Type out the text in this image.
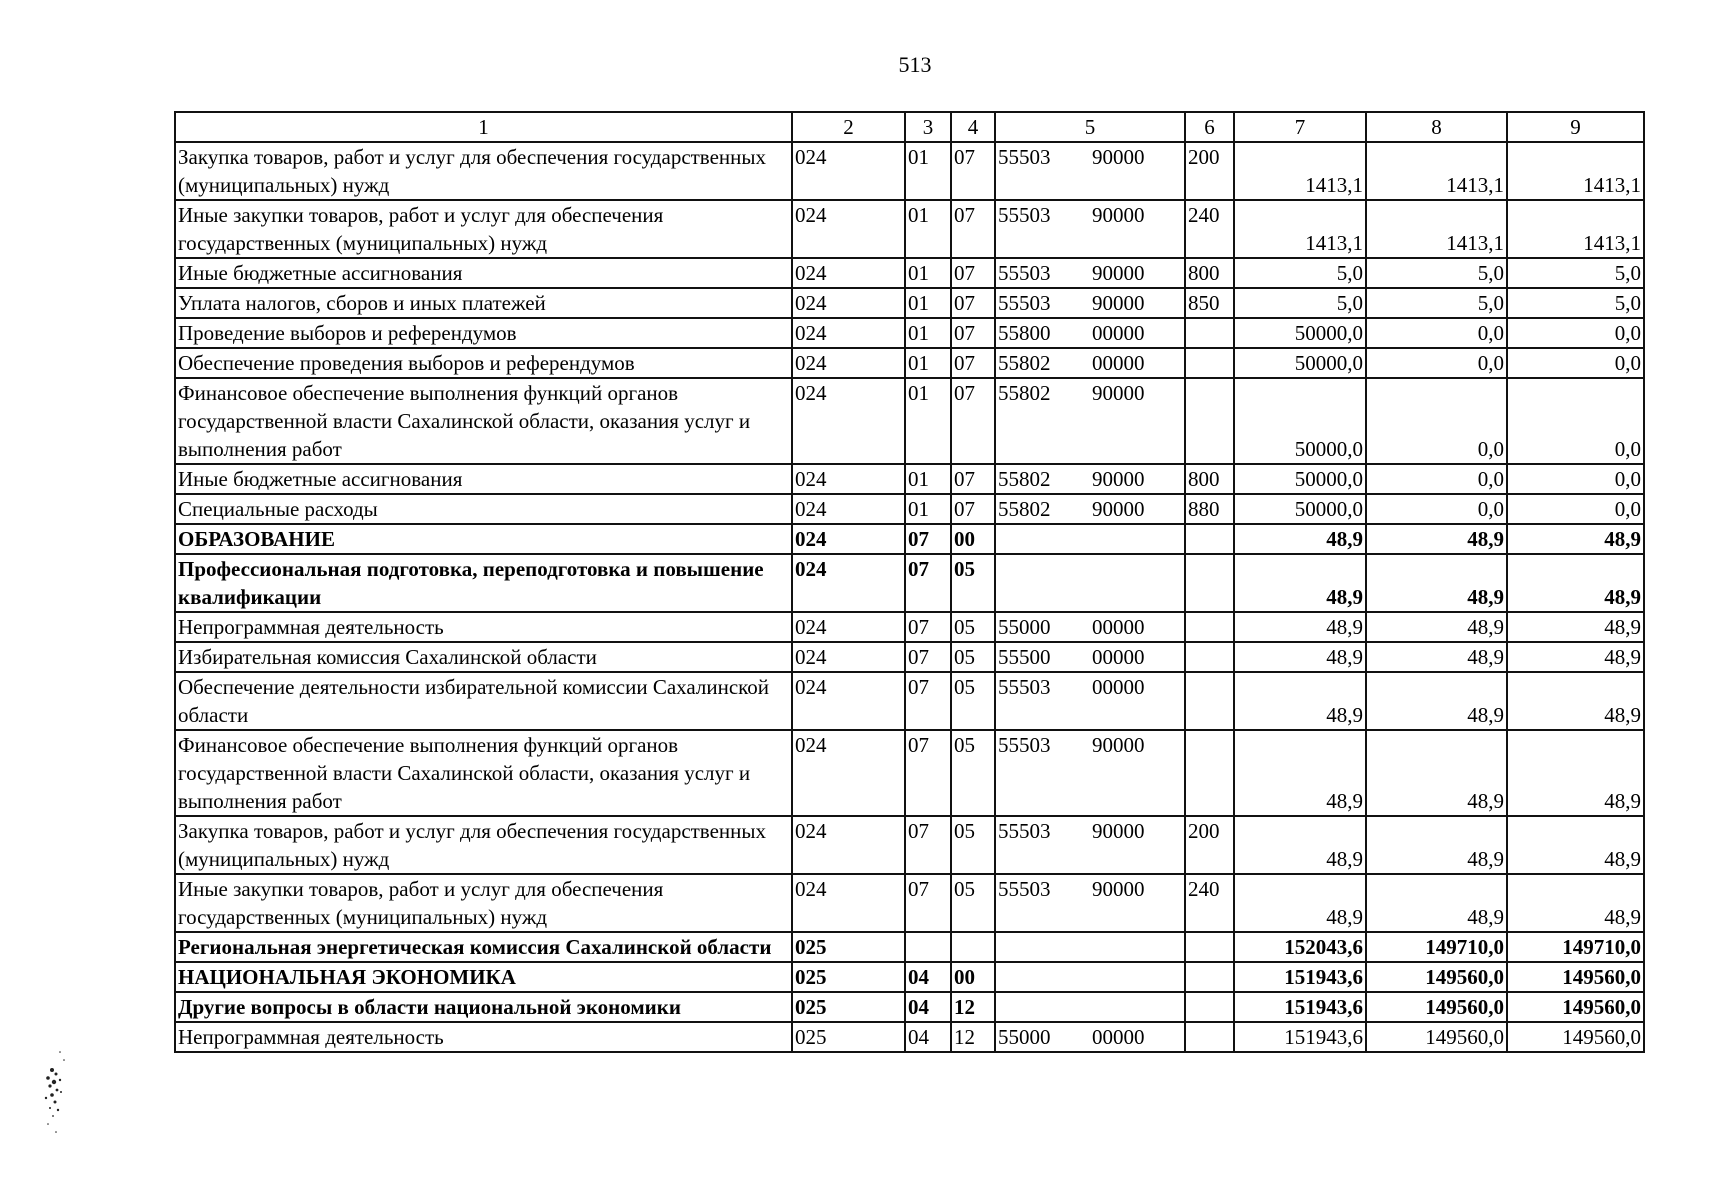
513
1	2	3	4	5	6	7	8	9
Закупка товаров, работ и услуг для обеспечения государственных (муниципальных) нужд	024	01	07	55503 90000	200	1413,1	1413,1	1413,1
Иные закупки товаров, работ и услуг для обеспечения государственных (муниципальных) нужд	024	01	07	55503 90000	240	1413,1	1413,1	1413,1
Иные бюджетные ассигнования	024	01	07	55503 90000	800	5,0	5,0	5,0
Уплата налогов, сборов и иных платежей	024	01	07	55503 90000	850	5,0	5,0	5,0
Проведение выборов и референдумов	024	01	07	55800 00000		50000,0	0,0	0,0
Обеспечение проведения выборов и референдумов	024	01	07	55802 00000		50000,0	0,0	0,0
Финансовое обеспечение выполнения функций органов государственной власти Сахалинской области, оказания услуг и выполнения работ	024	01	07	55802 90000		50000,0	0,0	0,0
Иные бюджетные ассигнования	024	01	07	55802 90000	800	50000,0	0,0	0,0
Специальные расходы	024	01	07	55802 90000	880	50000,0	0,0	0,0
ОБРАЗОВАНИЕ	024	07	00			48,9	48,9	48,9
Профессиональная подготовка, переподготовка и повышение квалификации	024	07	05			48,9	48,9	48,9
Непрограммная деятельность	024	07	05	55000 00000		48,9	48,9	48,9
Избирательная комиссия Сахалинской области	024	07	05	55500 00000		48,9	48,9	48,9
Обеспечение деятельности избирательной комиссии Сахалинской области	024	07	05	55503 00000		48,9	48,9	48,9
Финансовое обеспечение выполнения функций органов государственной власти Сахалинской области, оказания услуг и выполнения работ	024	07	05	55503 90000		48,9	48,9	48,9
Закупка товаров, работ и услуг для обеспечения государственных (муниципальных) нужд	024	07	05	55503 90000	200	48,9	48,9	48,9
Иные закупки товаров, работ и услуг для обеспечения государственных (муниципальных) нужд	024	07	05	55503 90000	240	48,9	48,9	48,9
Региональная энергетическая комиссия Сахалинской области	025					152043,6	149710,0	149710,0
НАЦИОНАЛЬНАЯ ЭКОНОМИКА	025	04	00			151943,6	149560,0	149560,0
Другие вопросы в области национальной экономики	025	04	12			151943,6	149560,0	149560,0
Непрограммная деятельность	025	04	12	55000 00000		151943,6	149560,0	149560,0
